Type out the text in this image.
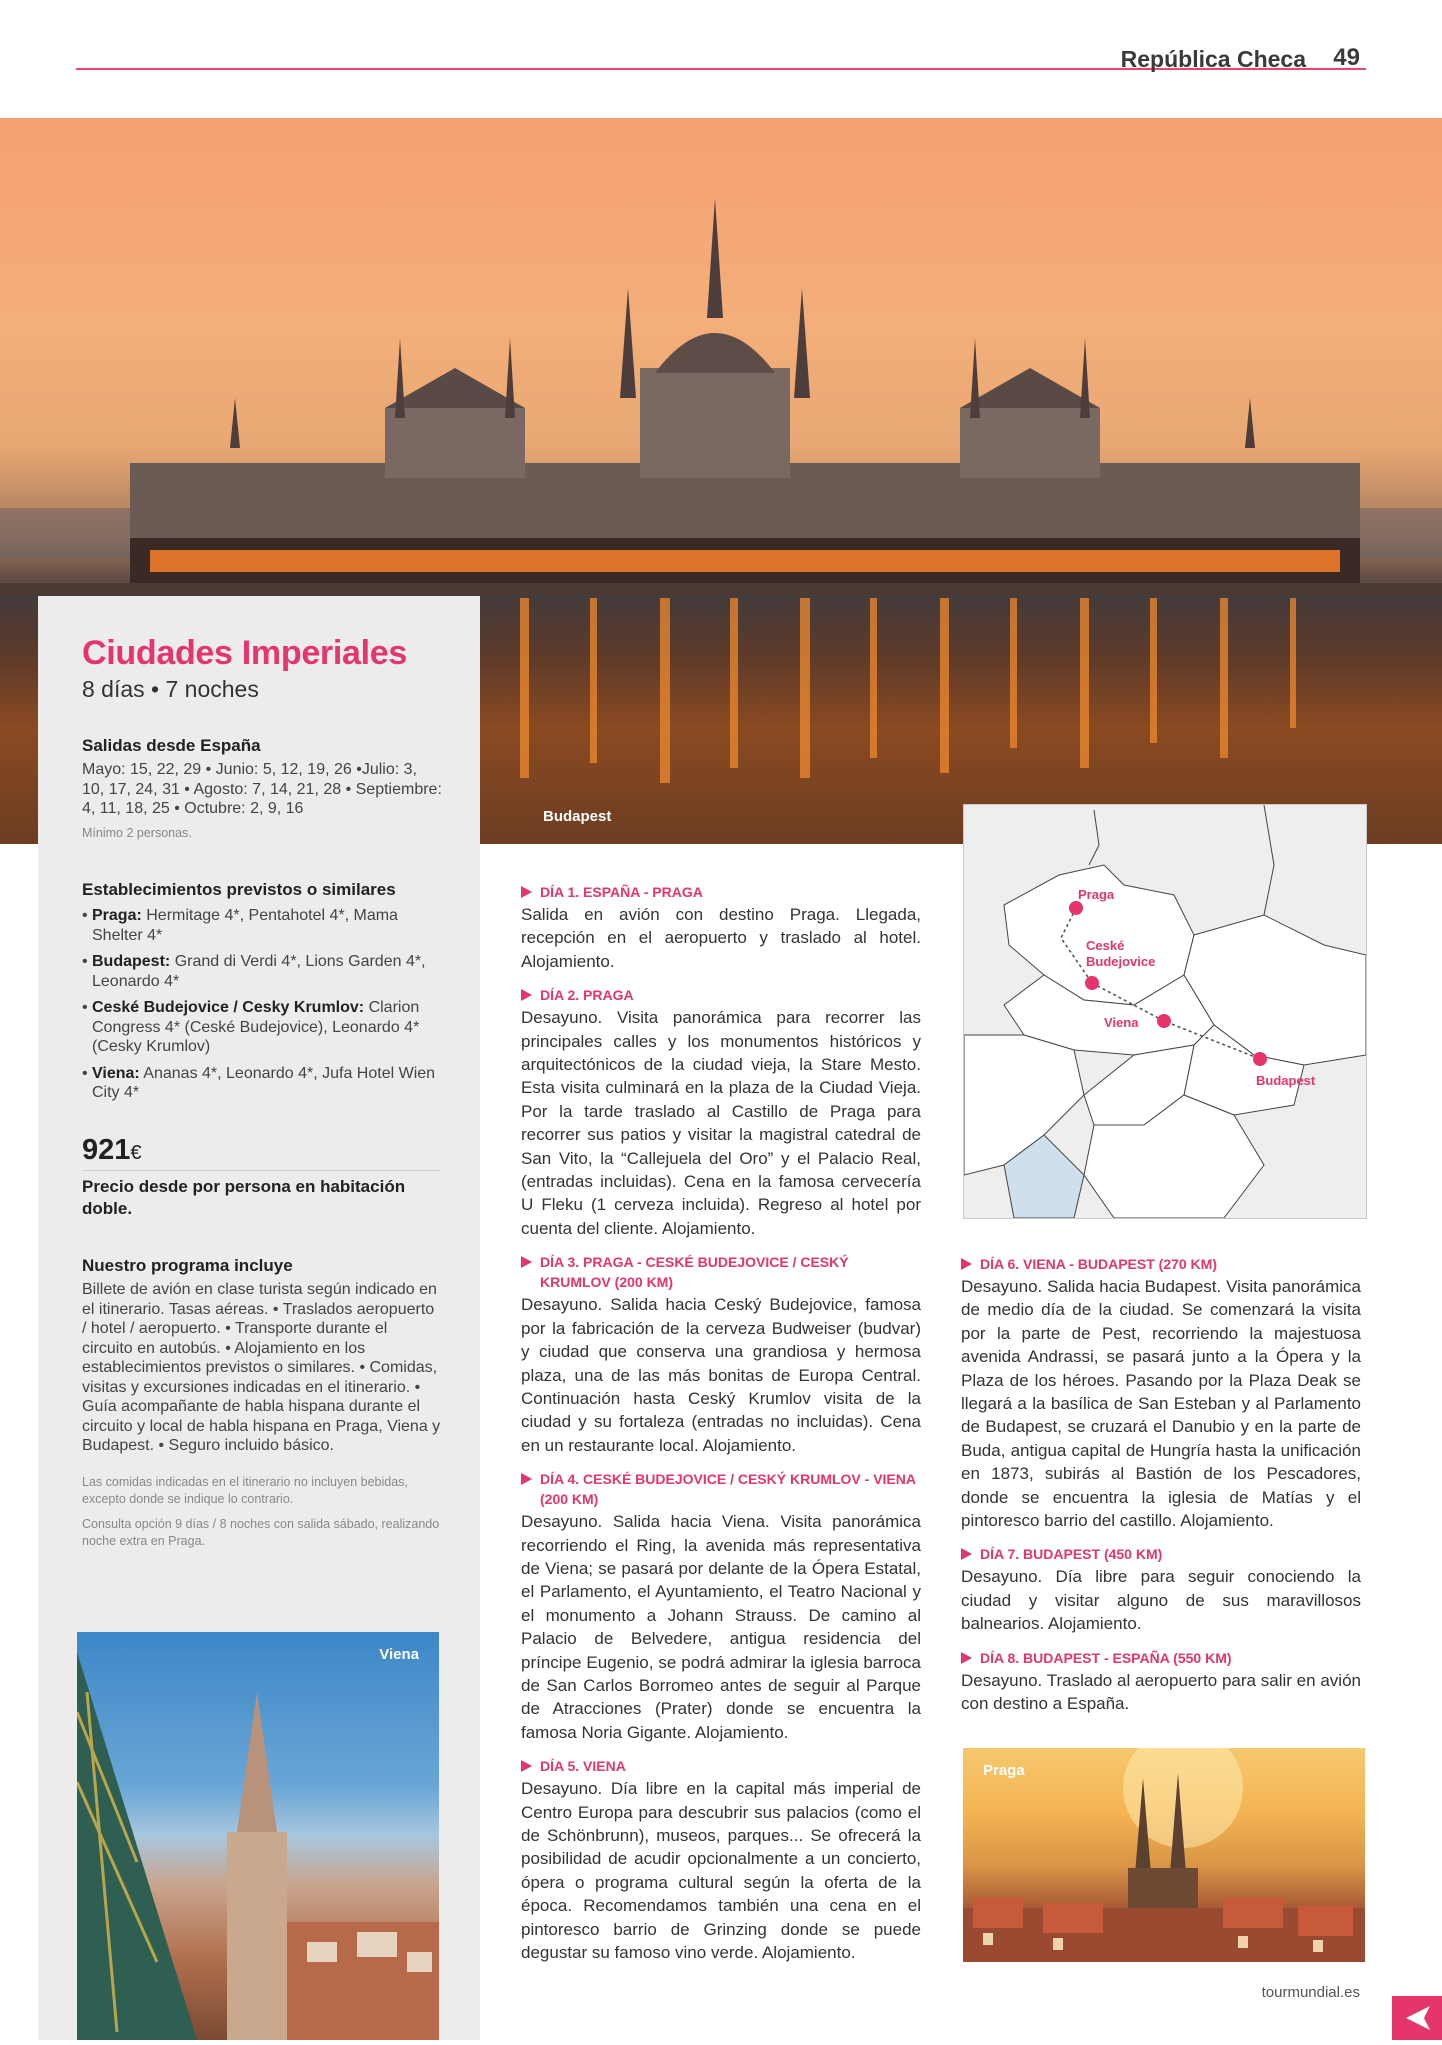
República Checa 49
Budapest
Ciudades Imperiales
8 días • 7 noches
Salidas desde España
Mayo: 15, 22, 29 • Junio: 5, 12, 19, 26 •Julio: 3, 10, 17, 24, 31 • Agosto: 7, 14, 21, 28 • Septiembre: 4, 11, 18, 25 • Octubre: 2, 9, 16
Mínimo 2 personas.
Establecimientos previstos o similares
• Praga: Hermitage 4*, Pentahotel 4*, Mama Shelter 4*
• Budapest: Grand di Verdi 4*, Lions Garden 4*, Leonardo 4*
• Ceské Budejovice / Cesky Krumlov: Clarion Congress 4* (Ceské Budejovice), Leonardo 4* (Cesky Krumlov)
• Viena: Ananas 4*, Leonardo 4*, Jufa Hotel Wien City 4*
921€
Precio desde por persona en habitación doble.
Nuestro programa incluye
Billete de avión en clase turista según indicado en el itinerario. Tasas aéreas. • Traslados aeropuerto / hotel / aeropuerto. • Transporte durante el circuito en autobús. • Alojamiento en los establecimientos previstos o similares. • Comidas, visitas y excursiones indicadas en el itinerario. • Guía acompañante de habla hispana durante el circuito y local de habla hispana en Praga, Viena y Budapest. • Seguro incluido básico.
Las comidas indicadas en el itinerario no incluyen bebidas, excepto donde se indique lo contrario.
Consulta opción 9 días / 8 noches con salida sábado, realizando noche extra en Praga.
Viena
DÍA 1. ESPAÑA - PRAGA
Salida en avión con destino Praga. Llegada, recepción en el aeropuerto y traslado al hotel. Alojamiento.
DÍA 2. PRAGA
Desayuno. Visita panorámica para recorrer las principales calles y los monumentos históricos y arquitectónicos de la ciudad vieja, la Stare Mesto. Esta visita culminará en la plaza de la Ciudad Vieja. Por la tarde traslado al Castillo de Praga para recorrer sus patios y visitar la magistral catedral de San Vito, la “Callejuela del Oro” y el Palacio Real, (entradas incluidas). Cena en la famosa cervecería U Fleku (1 cerveza incluida). Regreso al hotel por cuenta del cliente. Alojamiento.
DÍA 3. PRAGA - CESKÉ BUDEJOVICE / CESKÝ KRUMLOV (200 KM)
Desayuno. Salida hacia Ceský Budejovice, famosa por la fabricación de la cerveza Budweiser (budvar) y ciudad que conserva una grandiosa y hermosa plaza, una de las más bonitas de Europa Central. Continuación hasta Ceský Krumlov visita de la ciudad y su fortaleza (entradas no incluidas). Cena en un restaurante local. Alojamiento.
DÍA 4. CESKÉ BUDEJOVICE / CESKÝ KRUMLOV - VIENA (200 KM)
Desayuno. Salida hacia Viena. Visita panorámica recorriendo el Ring, la avenida más representativa de Viena; se pasará por delante de la Ópera Estatal, el Parlamento, el Ayuntamiento, el Teatro Nacional y el monumento a Johann Strauss. De camino al Palacio de Belvedere, antigua residencia del príncipe Eugenio, se podrá admirar la iglesia barroca de San Carlos Borromeo antes de seguir al Parque de Atracciones (Prater) donde se encuentra la famosa Noria Gigante. Alojamiento.
DÍA 5. VIENA
Desayuno. Día libre en la capital más imperial de Centro Europa para descubrir sus palacios (como el de Schönbrunn), museos, parques... Se ofrecerá la posibilidad de acudir opcionalmente a un concierto, ópera o programa cultural según la oferta de la época. Recomendamos también una cena en el pintoresco barrio de Grinzing donde se puede degustar su famoso vino verde. Alojamiento.
Praga
Ceské Budejovice
Viena
Budapest
DÍA 6. VIENA - BUDAPEST (270 KM)
Desayuno. Salida hacia Budapest. Visita panorámica de medio día de la ciudad. Se comenzará la visita por la parte de Pest, recorriendo la majestuosa avenida Andrassi, se pasará junto a la Ópera y la Plaza de los héroes. Pasando por la Plaza Deak se llegará a la basílica de San Esteban y al Parlamento de Budapest, se cruzará el Danubio y en la parte de Buda, antigua capital de Hungría hasta la unificación en 1873, subirás al Bastión de los Pescadores, donde se encuentra la iglesia de Matías y el pintoresco barrio del castillo. Alojamiento.
DÍA 7. BUDAPEST (450 KM)
Desayuno. Día libre para seguir conociendo la ciudad y visitar alguno de sus maravillosos balnearios. Alojamiento.
DÍA 8. BUDAPEST - ESPAÑA (550 KM)
Desayuno. Traslado al aeropuerto para salir en avión con destino a España.
Praga
tourmundial.es
